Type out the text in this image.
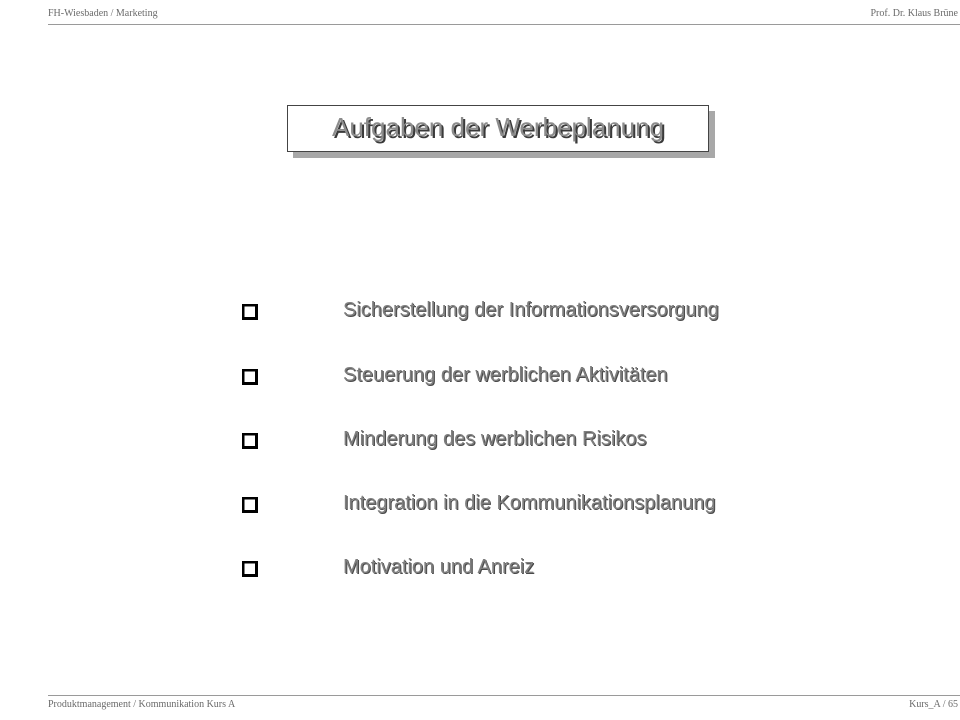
FH-Wiesbaden / Marketing	Prof. Dr. Klaus Brüne
Aufgaben der Werbeplanung
Sicherstellung der Informationsversorgung
Steuerung der werblichen Aktivitäten
Minderung des werblichen Risikos
Integration in die Kommunikationsplanung
Motivation und Anreiz
Produktmanagement / Kommunikation Kurs A	Kurs_A / 65
